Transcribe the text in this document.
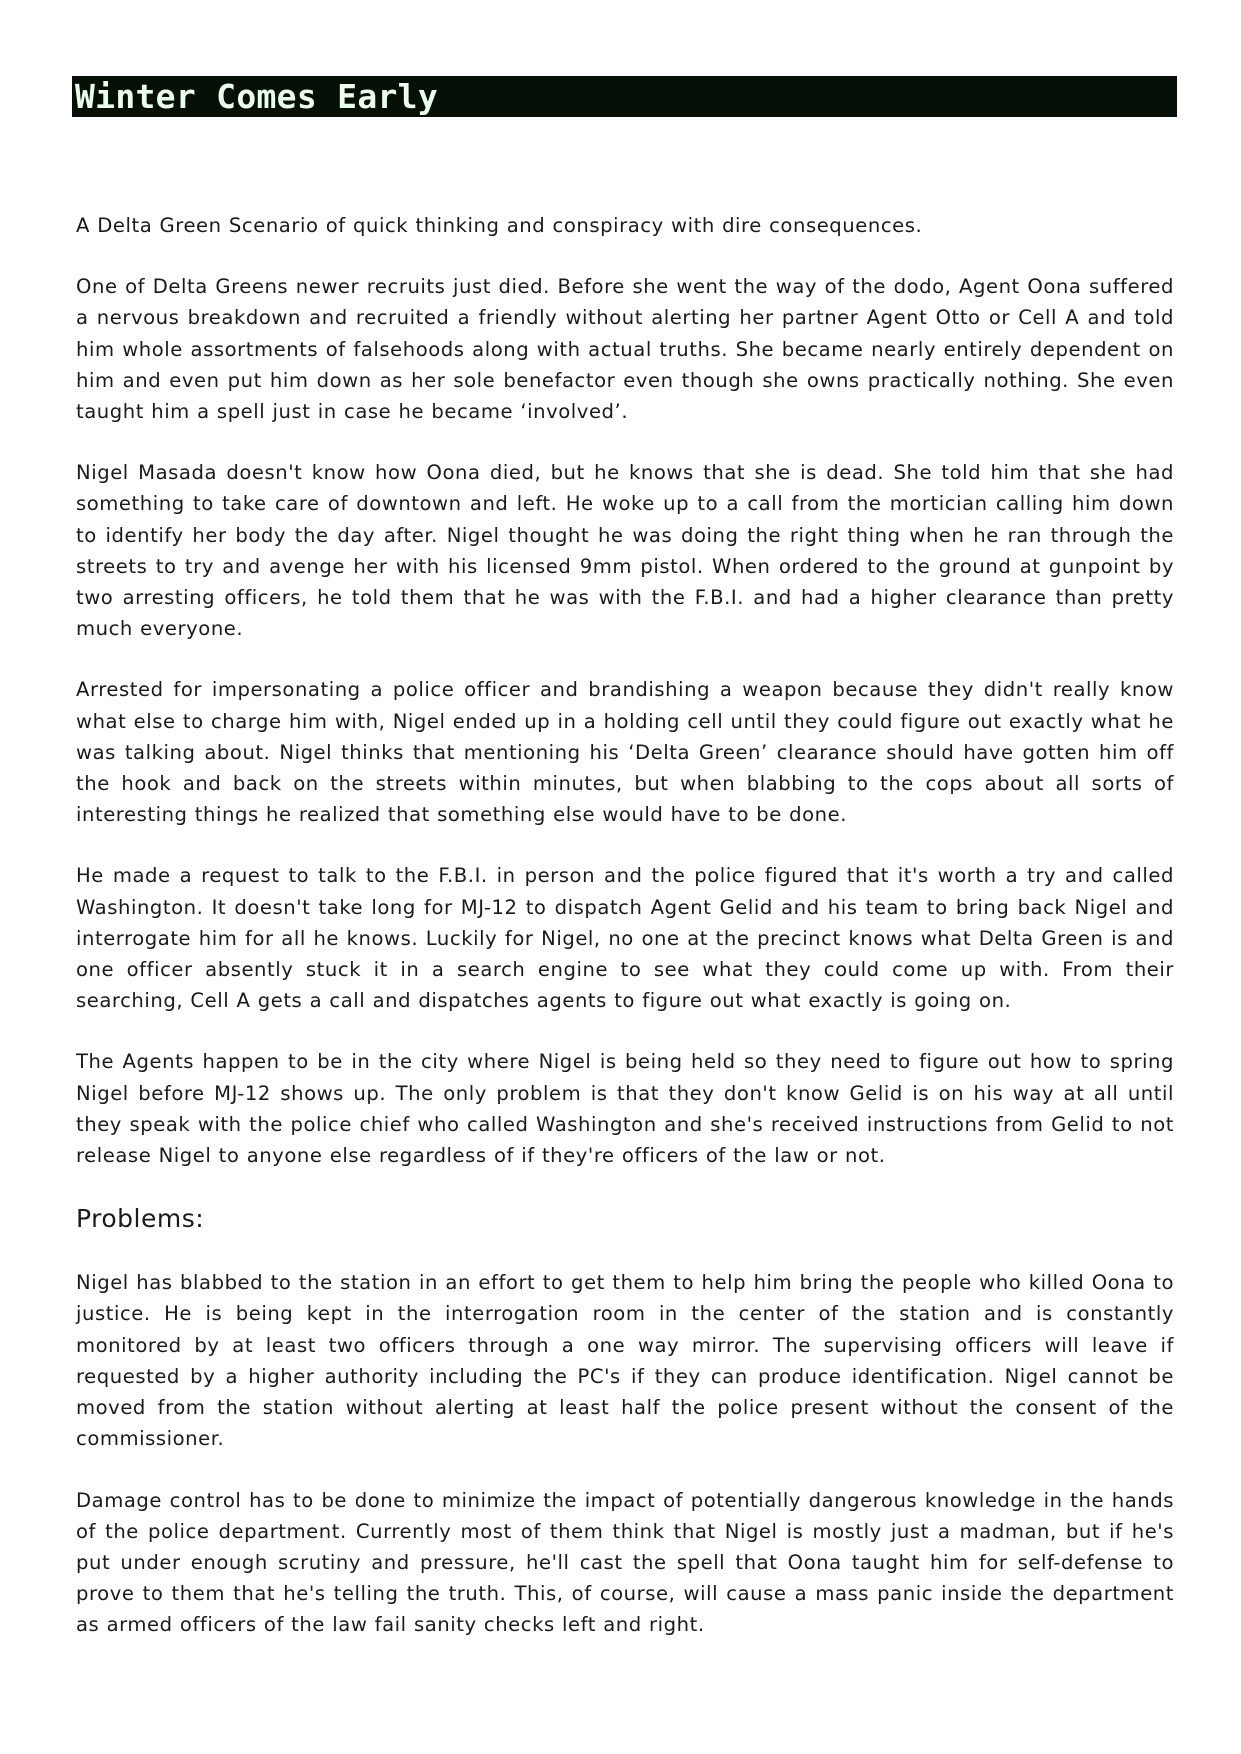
Winter Comes Early

A Delta Green Scenario of quick thinking and conspiracy with dire consequences.

One of Delta Greens newer recruits just died. Before she went the way of the dodo, Agent Oona suffered a nervous breakdown and recruited a friendly without alerting her partner Agent Otto or Cell A and told him whole assortments of falsehoods along with actual truths. She became nearly entirely dependent on him and even put him down as her sole benefactor even though she owns practically nothing. She even taught him a spell just in case he became ‘involved’.

Nigel Masada doesn't know how Oona died, but he knows that she is dead. She told him that she had something to take care of downtown and left. He woke up to a call from the mortician calling him down to identify her body the day after. Nigel thought he was doing the right thing when he ran through the streets to try and avenge her with his licensed 9mm pistol. When ordered to the ground at gunpoint by two arresting officers, he told them that he was with the F.B.I. and had a higher clearance than pretty much everyone.

Arrested for impersonating a police officer and brandishing a weapon because they didn't really know what else to charge him with, Nigel ended up in a holding cell until they could figure out exactly what he was talking about. Nigel thinks that mentioning his ‘Delta Green’ clearance should have gotten him off the hook and back on the streets within minutes, but when blabbing to the cops about all sorts of interesting things he realized that something else would have to be done.

He made a request to talk to the F.B.I. in person and the police figured that it's worth a try and called Washington. It doesn't take long for MJ-12 to dispatch Agent Gelid and his team to bring back Nigel and interrogate him for all he knows. Luckily for Nigel, no one at the precinct knows what Delta Green is and one officer absently stuck it in a search engine to see what they could come up with. From their searching, Cell A gets a call and dispatches agents to figure out what exactly is going on.

The Agents happen to be in the city where Nigel is being held so they need to figure out how to spring Nigel before MJ-12 shows up. The only problem is that they don't know Gelid is on his way at all until they speak with the police chief who called Washington and she's received instructions from Gelid to not release Nigel to anyone else regardless of if they're officers of the law or not.

Problems:

Nigel has blabbed to the station in an effort to get them to help him bring the people who killed Oona to justice. He is being kept in the interrogation room in the center of the station and is constantly monitored by at least two officers through a one way mirror. The supervising officers will leave if requested by a higher authority including the PC's if they can produce identification. Nigel cannot be moved from the station without alerting at least half the police present without the consent of the commissioner.

Damage control has to be done to minimize the impact of potentially dangerous knowledge in the hands of the police department. Currently most of them think that Nigel is mostly just a madman, but if he's put under enough scrutiny and pressure, he'll cast the spell that Oona taught him for self-defense to prove to them that he's telling the truth. This, of course, will cause a mass panic inside the department as armed officers of the law fail sanity checks left and right.
